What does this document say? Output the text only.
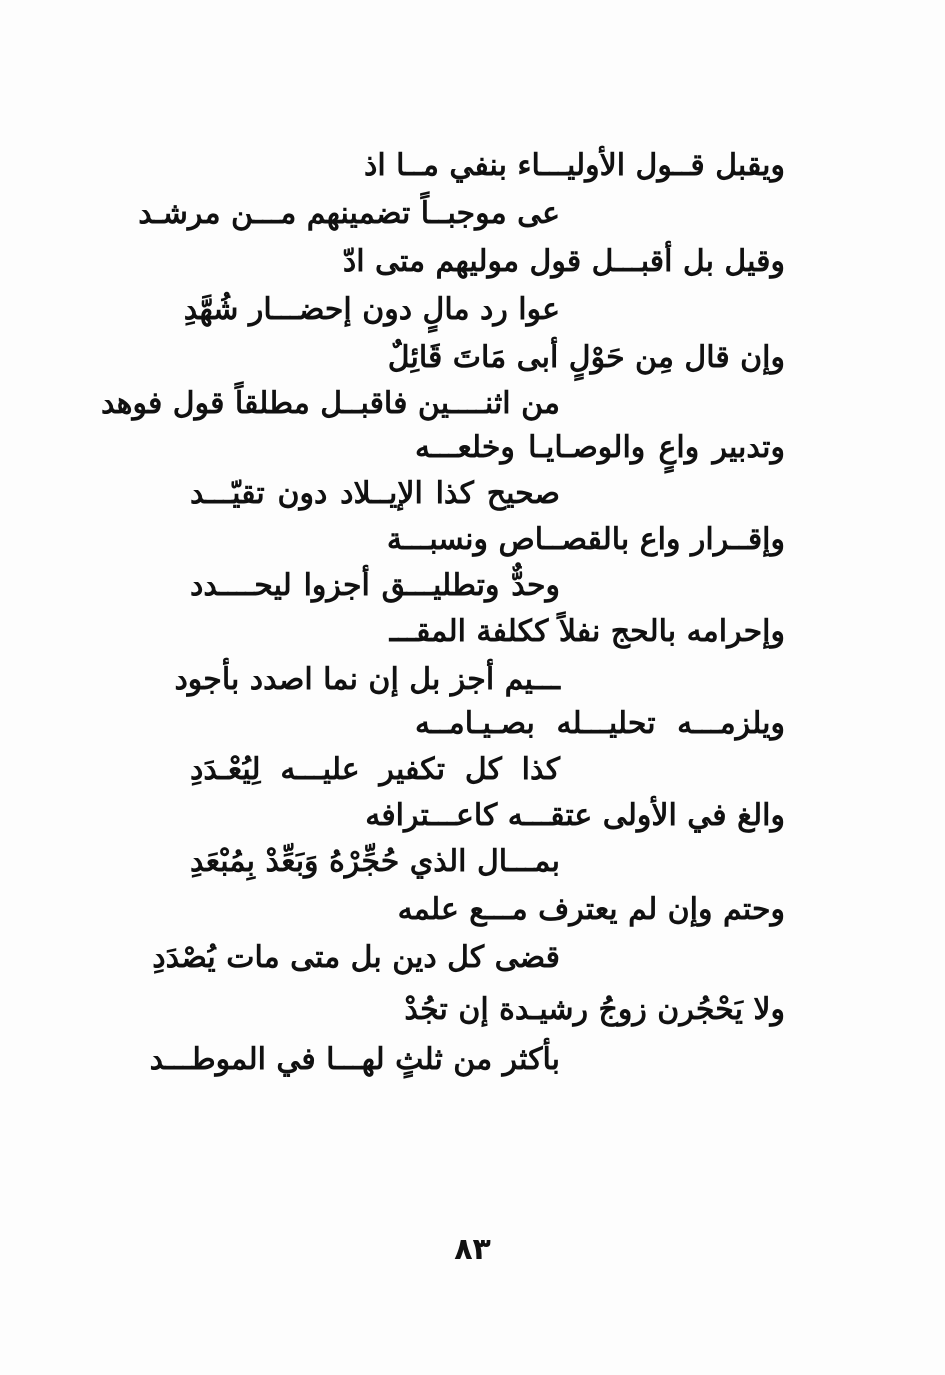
ويقبل قــول الأوليـــاء بنفي مــا اذ
عى موجبــاً تضمينهم مـــن مرشـد
وقيل بل أقبـــل قول موليهم متى ادّ
عوا رد مالٍ دون إحضـــار شُهَّدِ
وإن قال مِن حَوْلٍ أبى مَاتَ قَائِلٌ
من اثنــــين فاقبــل مطلقاً قول فوهد
وتدبير واعٍ والوصـايـا وخلعـــه
صحيح كذا الإيــلاد دون تقيّـــد
وإقــرار واع بالقصــاص ونسبـــة
وحدٌّ وتطليـــق أجزوا ليحــــدد
وإحرامه بالحج نفلاً ككلفة المقـــ
ـــيم أجز بل إن نما اصدد بأجود
ويلزمـــه تحليـــله بصـيـامــه
كذا كل تكفير عليـــه لِيُعْـدَدِ
والغ في الأولى عتقـــه كاعـــترافه
بمـــال الذي حُجِّرْهُ وَبَعِّدْ بِمُبْعَدِ
وحتم وإن لم يعترف مـــع علمه
قضى كل دين بل متى مات يُصْدَدِ
ولا يَحْجُرن زوجُ رشيـدة إن تجُدْ
بأكثر من ثلثٍ لهـــا في الموطـــد
٨٣
